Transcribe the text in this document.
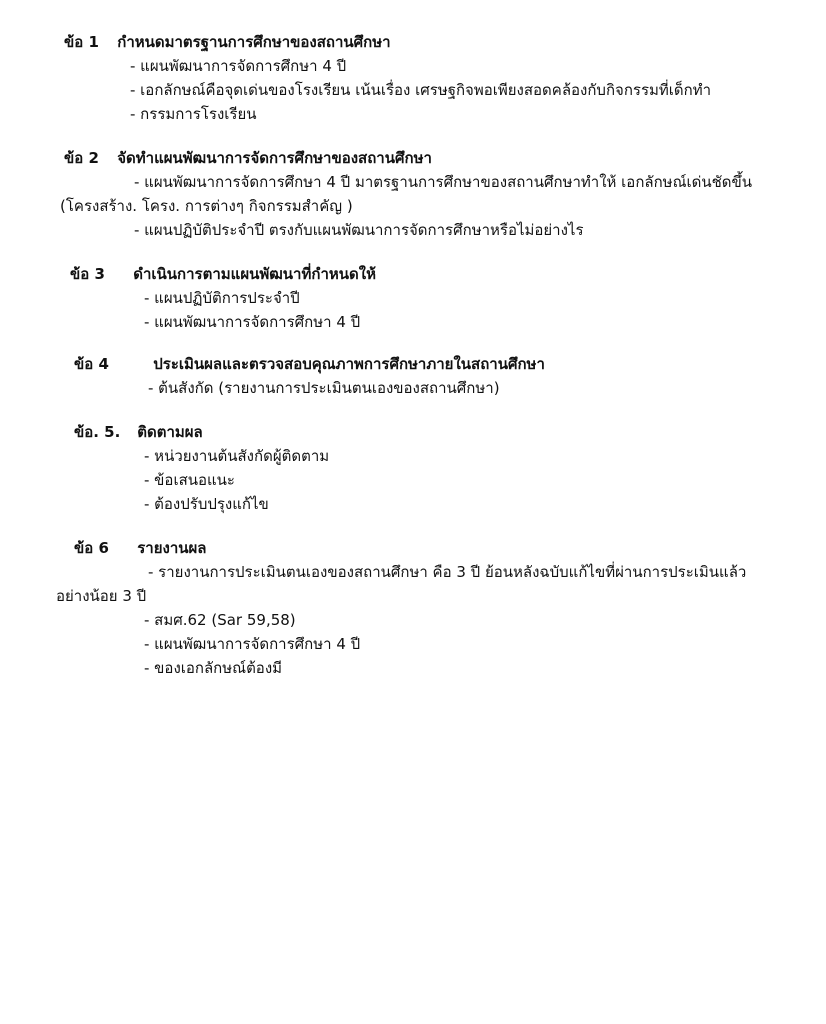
ข้อ 1 กำหนดมาตรฐานการศึกษาของสถานศึกษา
- แผนพัฒนาการจัดการศึกษา 4 ปี
- เอกลักษณ์คือจุดเด่นของโรงเรียน เน้นเรื่อง เศรษฐกิจพอเพียงสอดคล้องกับกิจกรรมที่เด็กทำ
- กรรมการโรงเรียน
ข้อ 2 จัดทำแผนพัฒนาการจัดการศึกษาของสถานศึกษา
- แผนพัฒนาการจัดการศึกษา 4 ปี มาตรฐานการศึกษาของสถานศึกษาทำให้ เอกลักษณ์เด่นชัดขึ้น
(โครงสร้าง. โครง. การต่างๆ กิจกรรมสำคัญ )
- แผนปฏิบัติประจำปี ตรงกับแผนพัฒนาการจัดการศึกษาหรือไม่อย่างไร
ข้อ 3 ดำเนินการตามแผนพัฒนาที่กำหนดให้
- แผนปฏิบัติการประจำปี
- แผนพัฒนาการจัดการศึกษา 4 ปี
ข้อ 4	ประเมินผลและตรวจสอบคุณภาพการศึกษาภายในสถานศึกษา
- ต้นสังกัด (รายงานการประเมินตนเองของสถานศึกษา)
ข้อ. 5. ติดตามผล
- หน่วยงานต้นสังกัดผู้ติดตาม
- ข้อเสนอแนะ
- ต้องปรับปรุงแก้ไข
ข้อ 6 รายงานผล
- รายงานการประเมินตนเองของสถานศึกษา คือ 3 ปี ย้อนหลังฉบับแก้ไขที่ผ่านการประเมินแล้ว
อย่างน้อย 3 ปี
- สมศ.62 (Sar 59,58)
- แผนพัฒนาการจัดการศึกษา 4 ปี
- ของเอกลักษณ์ต้องมี
